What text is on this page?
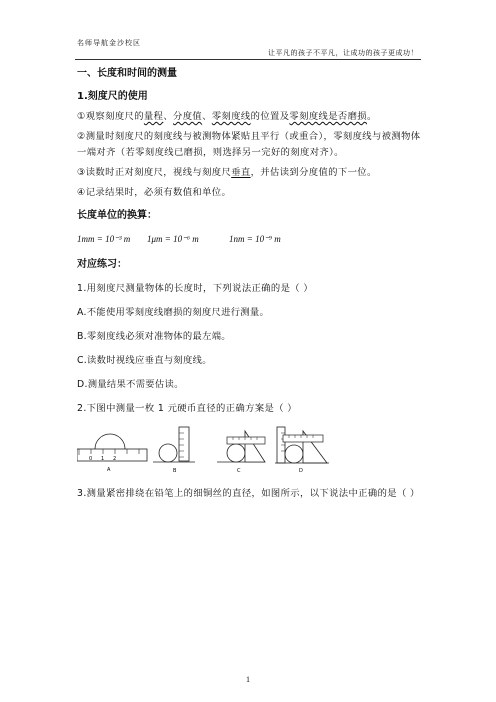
名师导航金沙校区
让平凡的孩子不平凡，让成功的孩子更成功！

一、长度和时间的测量

1.刻度尺的使用

①观察刻度尺的量程、分度值、零刻度线的位置及零刻度线是否磨损。

②测量时刻度尺的刻度线与被测物体紧贴且平行（或重合），零刻度线与被测物体一端对齐（若零刻度线已磨损，则选择另一完好的刻度对齐）。

③读数时正对刻度尺，视线与刻度尺垂直，并估读到分度值的下一位。

④记录结果时，必须有数值和单位。

长度单位的换算：

1mm = 10⁻³ m	1μm = 10⁻⁶ m	1nm = 10⁻⁹ m

对应练习：

1.用刻度尺测量物体的长度时，下列说法正确的是（ ）

A.不能使用零刻度线磨损的刻度尺进行测量。

B.零刻度线必须对准物体的最左端。

C.读数时视线应垂直与刻度线。

D.测量结果不需要估读。

2.下图中测量一枚 1 元硬币直径的正确方案是（ ）

0 1 2
A	B	C	D

3.测量紧密排绕在铅笔上的细铜丝的直径，如图所示，以下说法中正确的是（ ）

1
